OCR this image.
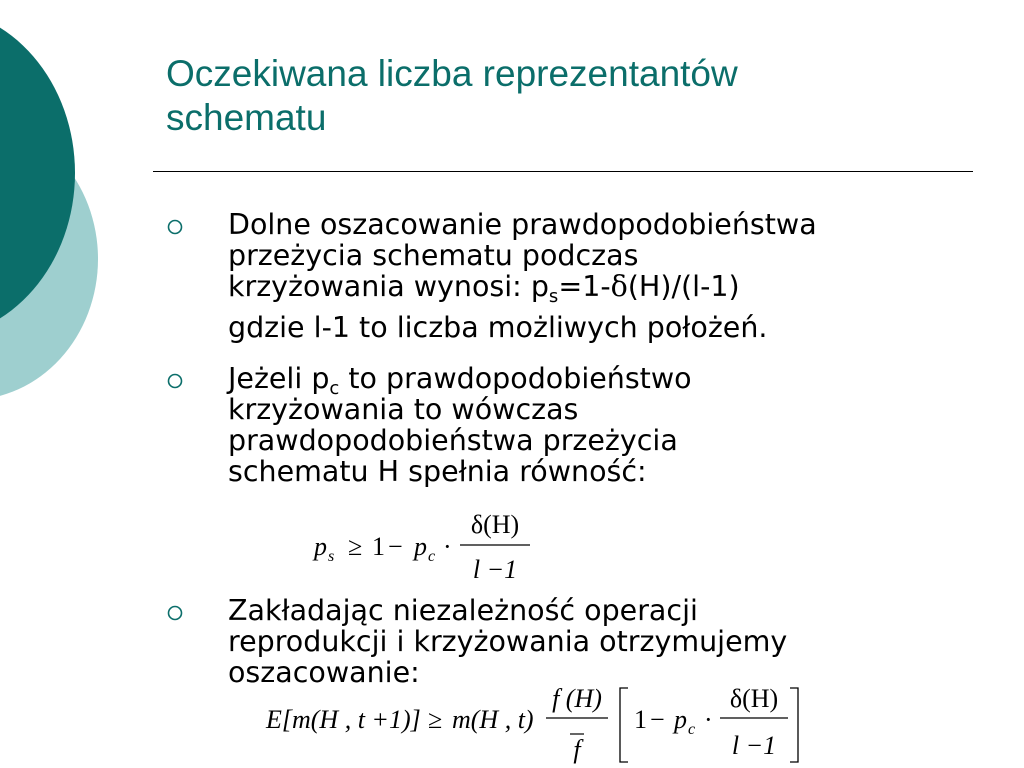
Oczekiwana liczba reprezentantów
schematu
Dolne oszacowanie prawdopodobieństwa
przeżycia schematu podczas
krzyżowania wynosi: $p_s=1-\delta(H)/(l-1)$
gdzie l-1 to liczba możliwych położeń.
Jeżeli $p_c$ to prawdopodobieństwo
krzyżowania to wówczas
prawdopodobieństwa przeżycia
schematu H spełnia równość:
p s ≥ 1 − p c ·
δ(H)
l −1
Zakładając niezależność operacji
reprodukcji i krzyżowania otrzymujemy
oszacowanie:
E[m(H , t +1)] ≥ m(H , t)
f (H)
f
1 − p c ·
δ(H)
l −1
